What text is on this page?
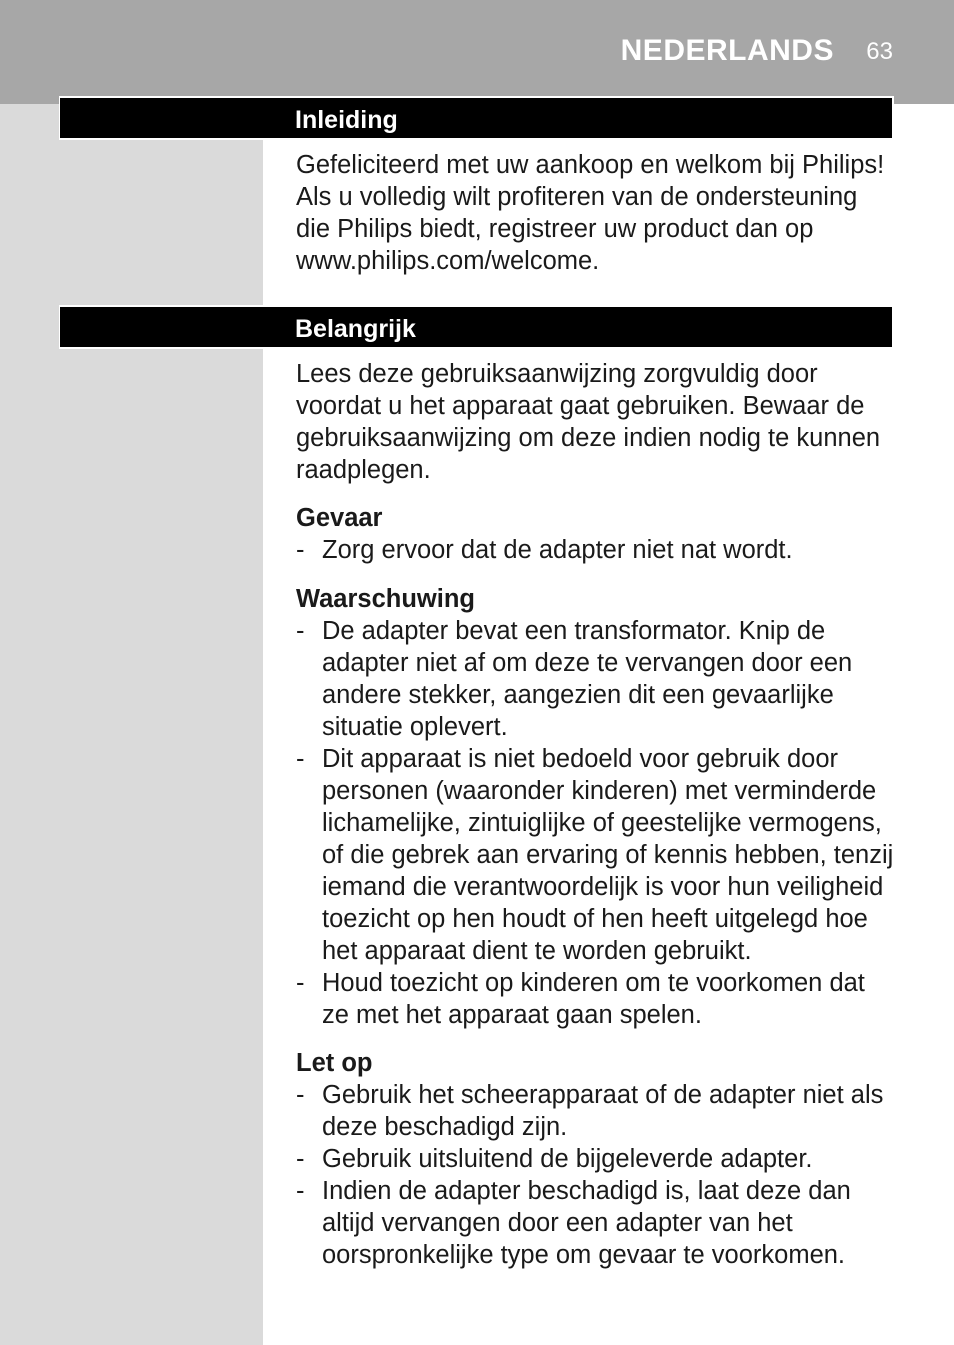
NEDERLANDS 63
Inleiding
Gefeliciteerd met uw aankoop en welkom bij Philips! Als u volledig wilt profiteren van de ondersteuning die Philips biedt, registreer uw product dan op www.philips.com/welcome.
Belangrijk
Lees deze gebruiksaanwijzing zorgvuldig door voordat u het apparaat gaat gebruiken. Bewaar de gebruiksaanwijzing om deze indien nodig te kunnen raadplegen.
Gevaar
- Zorg ervoor dat de adapter niet nat wordt.
Waarschuwing
- De adapter bevat een transformator. Knip de adapter niet af om deze te vervangen door een andere stekker, aangezien dit een gevaarlijke situatie oplevert.
- Dit apparaat is niet bedoeld voor gebruik door personen (waaronder kinderen) met verminderde lichamelijke, zintuiglijke of geestelijke vermogens, of die gebrek aan ervaring of kennis hebben, tenzij iemand die verantwoordelijk is voor hun veiligheid toezicht op hen houdt of hen heeft uitgelegd hoe het apparaat dient te worden gebruikt.
- Houd toezicht op kinderen om te voorkomen dat ze met het apparaat gaan spelen.
Let op
- Gebruik het scheerapparaat of de adapter niet als deze beschadigd zijn.
- Gebruik uitsluitend de bijgeleverde adapter.
- Indien de adapter beschadigd is, laat deze dan altijd vervangen door een adapter van het oorspronkelijke type om gevaar te voorkomen.
